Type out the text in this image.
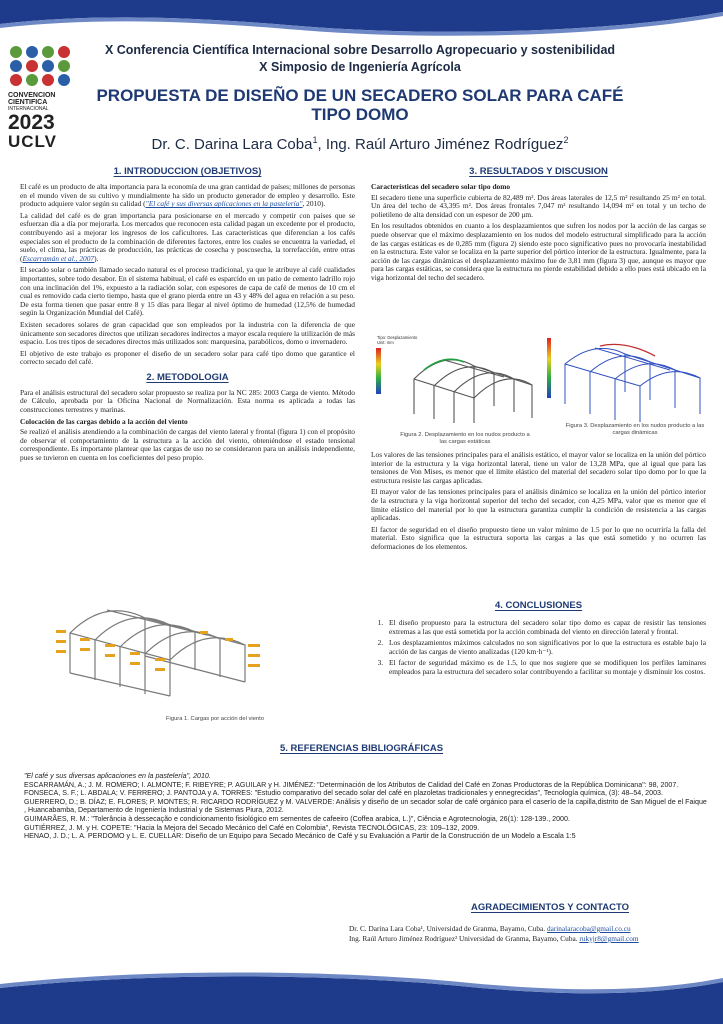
CONVENCION
CIENTIFICA
INTERNACIONAL
2023
UCLV
X Conferencia Científica Internacional sobre Desarrollo Agropecuario y sostenibilidad
X Simposio de Ingeniería Agrícola
PROPUESTA DE DISEÑO DE UN SECADERO SOLAR PARA CAFÉ
TIPO DOMO
Dr. C. Darina Lara Coba$^1$, Ing. Raúl Arturo Jiménez Rodríguez$^2$
1. INTRODUCCION (OBJETIVOS)

El café es un producto de alta importancia para la economía de una gran cantidad de países; millones de personas en el mundo viven de su cultivo y mundialmente ha sido un producto generador de empleo y desarrollo. Este producto adquiere valor según su calidad ("El café y sus diversas aplicaciones en la pastelería", 2010).

La calidad del café es de gran importancia para posicionarse en el mercado y competir con países que se esfuerzan día a día por mejorarla. Los mercados que reconocen esta calidad pagan un excedente por el producto, contribuyendo así a mejorar los ingresos de los caficultores. Las características que diferencian a los cafés especiales son el producto de la combinación de diferentes factores, entre los cuales se encuentra la variedad, el suelo, el clima, las prácticas de producción, las prácticas de cosecha y poscosecha, la torrefacción, entre otras (Escarramán et al., 2007).

El secado solar o también llamado secado natural es el proceso tradicional, ya que le atribuye al café cualidades importantes, sobre todo desabor. En el sistema habitual, el café es esparcido en un patio de cemento ladrillo rojo con una inclinación del 1%, expuesto a la radiación solar, con espesores de capa de café de menos de 10 cm el cual es removido cada cierto tiempo, hasta que el grano pierda entre un 43 y 48% del agua en relación a su peso. De esta forma tienen que pasar entre 8 y 15 días para llegar al nivel óptimo de humedad (12,5% de humedad según la Organización Mundial del Café).

Existen secadores solares de gran capacidad que son empleados por la industria con la diferencia de que únicamente son secadores directos que utilizan secadores indirectos a mayor escala requiere la utilización de más espacio. Los tres tipos de secadores directos más utilizados son: marquesina, parabólicos, domo o invernadero.

El objetivo de este trabajo es proponer el diseño de un secadero solar para café tipo domo que garantice el correcto secado del café.

2. METODOLOGIA

Para el análisis estructural del secadero solar propuesto se realiza por la NC 285: 2003 Carga de viento. Método de Cálculo, aprobada por la Oficina Nacional de Normalización. Esta norma es aplicada a todas las construcciones terrestres y marinas.

Colocación de las cargas debido a la acción del viento

Se realizó el análisis atendiendo a la combinación de cargas del viento lateral y frontal (figura 1) con el propósito de observar el comportamiento de la estructura a la acción del viento, obteniéndose el estado tensional correspondiente. Es importante plantear que las cargas de uso no se consideraron para un análisis independiente, pues se tuvieron en cuenta en los coeficientes del peso propio.

Figura 1. Cargas por acción del viento
3. RESULTADOS Y DISCUSION
Características del secadero solar tipo domo

El secadero tiene una superficie cubierta de 82,489 m². Dos áreas laterales de 12,5 m² resultando 25 m² en total. Un área del techo de 43,395 m². Dos áreas frontales 7,047 m² resultando 14,094 m² en total y un techo de polietileno de alta densidad con un espesor de 200 μm.

En los resultados obtenidos en cuanto a los desplazamientos que sufren los nodos por la acción de las cargas se puede observar que el máximo desplazamiento en los nudos del modelo estructural simplificado para la acción de las cargas estáticas es de 0,285 mm (figura 2) siendo este poco significativo pues no provocaría inestabilidad en la estructura. Este valor se localiza en la parte superior del pórtico interior de la estructura. Igualmente, para la acción de las cargas dinámicas el desplazamiento máximo fue de 3,81 mm (figura 3) que, aunque es mayor que para las cargas estáticas, se considera que la estructura no pierde estabilidad debido a ello pues está ubicado en la viga horizontal del techo del secadero.

Tipo: Desplazamiento
Unit: mm
Figura 2. Desplazamiento en los nudos producto a las cargas estáticas
Figura 3. Desplazamiento en los nudos producto a las cargas dinámicas

Los valores de las tensiones principales para el análisis estático, el mayor valor se localiza en la unión del pórtico interior de la estructura y la viga horizontal lateral, tiene un valor de 13,28 MPa, que al igual que para las tensiones de Von Mises, es menor que el límite elástico del material del secadero solar tipo domo por lo que la estructura resiste las cargas aplicadas.

El mayor valor de las tensiones principales para el análisis dinámico se localiza en la unión del pórtico interior de la estructura y la viga horizontal superior del techo del secador, con 4,25 MPa, valor que es menor que el límite elástico del material por lo que la estructura garantiza cumplir la condición de resistencia a las cargas aplicadas.

El factor de seguridad en el diseño propuesto tiene un valor mínimo de 1.5 por lo que no ocurriría la falla del material. Esto significa que la estructura soporta las cargas a las que está sometido y no ocurren las deformaciones de los elementos.

4. CONCLUSIONES
1. El diseño propuesto para la estructura del secadero solar tipo domo es capaz de resistir las tensiones extremas a las que está sometida por la acción combinada del viento en dirección lateral y frontal.
2. Los desplazamientos máximos calculados no son significativos por lo que la estructura es estable bajo la acción de las cargas de viento analizadas (120 km·h⁻¹).
3. El factor de seguridad máximo es de 1.5, lo que nos sugiere que se modifiquen los perfiles laminares empleados para la estructura del secadero solar contribuyendo a facilitar su montaje y disminuir los costos.
5. REFERENCIAS BIBLIOGRÁFICAS

"El café y sus diversas aplicaciones en la pastelería", 2010.

ESCARRAMÁN, A.; J. M. ROMERO; I. ALMONTE; F. RIBEYRE; P. AGUILAR y H. JIMÉNEZ: "Determinación de los Atributos de Calidad del Café en Zonas Productoras de la República Dominicana": 98, 2007.

FONSECA, S. F.; L. ABDALA; V. FERRERO; J. PANTOJA y A. TORRES: "Estudio comparativo del secado solar del café en plazoletas tradicionales y ennegrecidas", Tecnología química, (3): 48–54, 2003.

GUERRERO, D.; B. DÍAZ; E. FLORES; P. MONTES; R. RICARDO RODRÍGUEZ y M. VALVERDE: Análisis y diseño de un secador solar de café orgánico para el caserío de la capilla,distrito de San Miguel de el Faique , Huancabamba, Departamento de Ingeniería Industrial y de Sistemas Piura, 2012.

GUIMARÃES, R. M.: "Tolerância à dessecação e condicionamento fisiológico em sementes de cafeeiro (Coffea arabica, L.)", Ciência e Agrotecnologia, 26(1): 128-139., 2000.

GUTIÉRREZ, J. M. y H. COPETE: "Hacia la Mejora del Secado Mecánico del Café en Colombia", Revista TECNOLÓGICAS, 23: 109–132, 2009.

HENAO, J. D.; L. A. PERDOMO y L. E. CUELLAR: Diseño de un Equipo para Secado Mecánico de Café y su Evaluación a Partir de la Construcción de un Modelo a Escala 1:5

AGRADECIMIENTOS Y CONTACTO

Dr. C. Darina Lara Coba¹, Universidad de Granma, Bayamo, Cuba. darinalaracoba@gmail.co.cu

Ing. Raúl Arturo Jiménez Rodríguez² Universidad de Granma, Bayamo, Cuba. rukyjr8@gmail.com
